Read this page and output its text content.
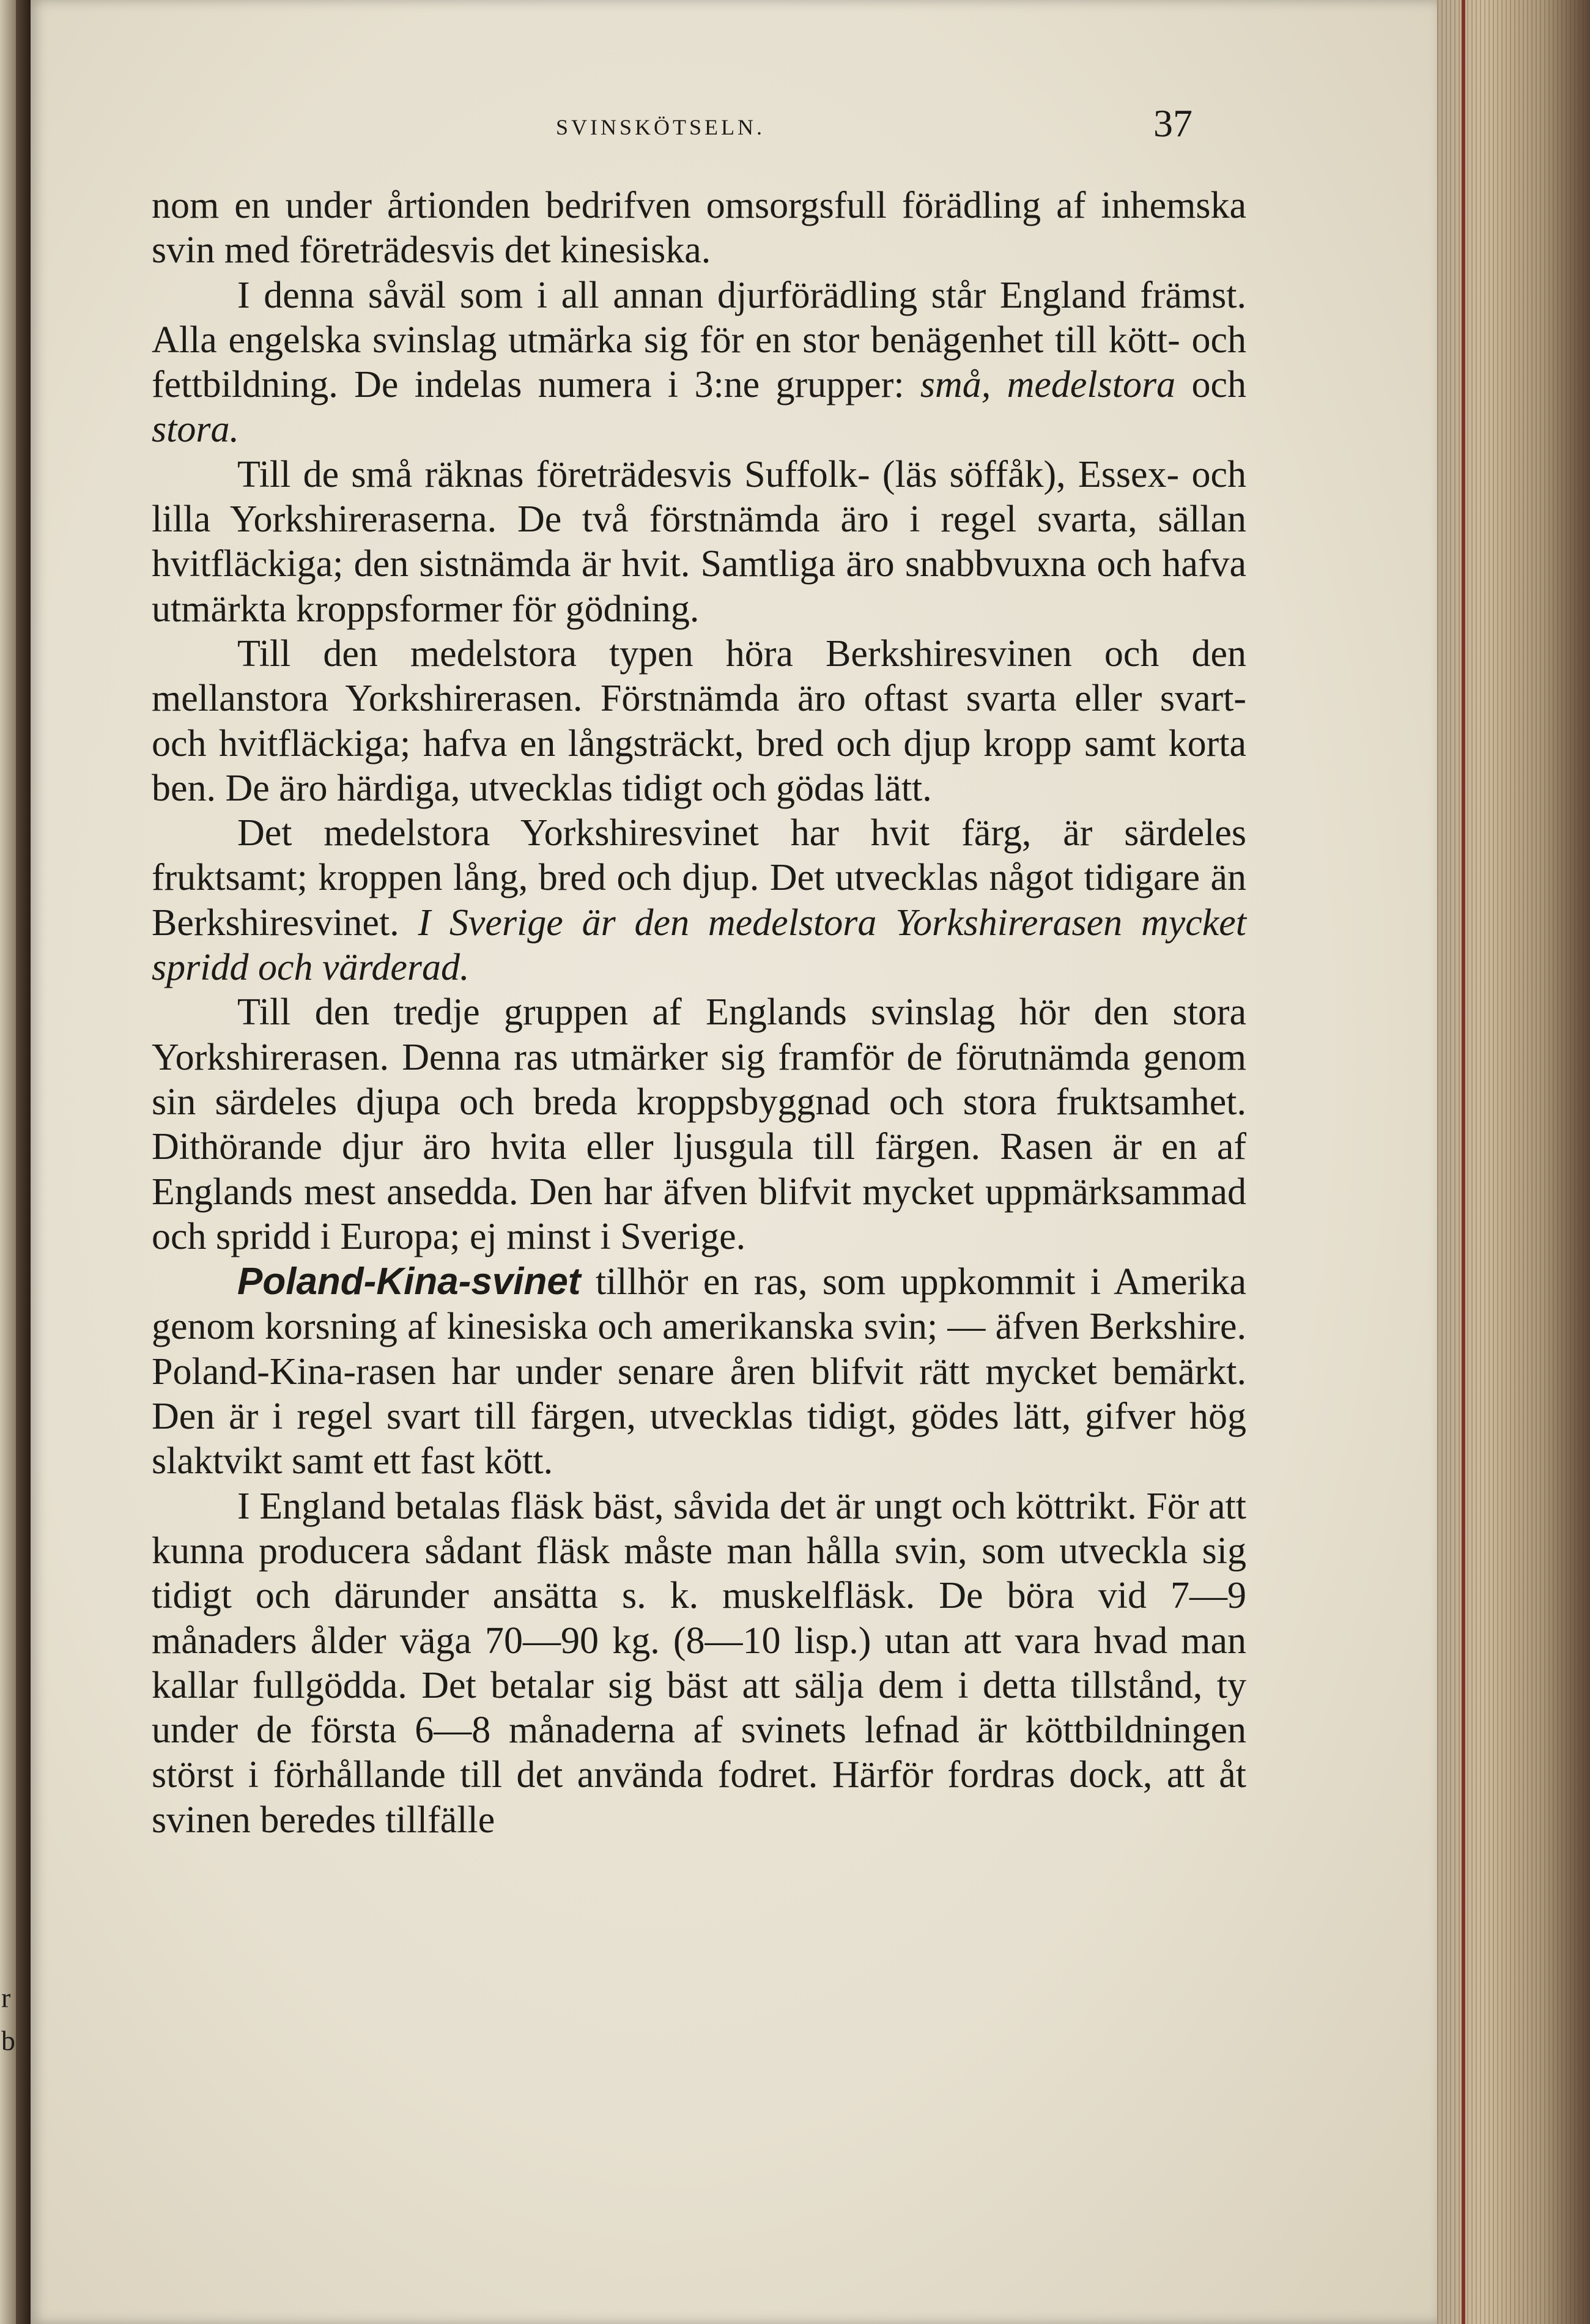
r
b
SVINSKÖTSELN.	37

nom en under årtionden bedrifven omsorgsfull förädling af inhemska svin med företrädesvis det kinesiska.

I denna såväl som i all annan djurförädling står England främst. Alla engelska svinslag utmärka sig för en stor benägenhet till kött- och fettbildning. De indelas numera i 3:ne grupper: små, medelstora och stora.

Till de små räknas företrädesvis Suffolk- (läs söffåk), Essex- och lilla Yorkshireraserna. De två förstnämda äro i regel svarta, sällan hvitfläckiga; den sistnämda är hvit. Samtliga äro snabbvuxna och hafva utmärkta kroppsformer för gödning.

Till den medelstora typen höra Berkshiresvinen och den mellanstora Yorkshirerasen. Förstnämda äro oftast svarta eller svart- och hvitfläckiga; hafva en långsträckt, bred och djup kropp samt korta ben. De äro härdiga, utvecklas tidigt och gödas lätt.

Det medelstora Yorkshiresvinet har hvit färg, är särdeles fruktsamt; kroppen lång, bred och djup. Det utvecklas något tidigare än Berkshiresvinet. I Sverige är den medelstora Yorkshirerasen mycket spridd och värderad.

Till den tredje gruppen af Englands svinslag hör den stora Yorkshirerasen. Denna ras utmärker sig framför de förutnämda genom sin särdeles djupa och breda kroppsbyggnad och stora fruktsamhet. Dithörande djur äro hvita eller ljusgula till färgen. Rasen är en af Englands mest ansedda. Den har äfven blifvit mycket uppmärksammad och spridd i Europa; ej minst i Sverige.

Poland-Kina-svinet tillhör en ras, som uppkommit i Amerika genom korsning af kinesiska och amerikanska svin; — äfven Berkshire. Poland-Kina-rasen har under senare åren blifvit rätt mycket bemärkt. Den är i regel svart till färgen, utvecklas tidigt, gödes lätt, gifver hög slaktvikt samt ett fast kött.

I England betalas fläsk bäst, såvida det är ungt och köttrikt. För att kunna producera sådant fläsk måste man hålla svin, som utveckla sig tidigt och därunder ansätta s. k. muskelfläsk. De böra vid 7—9 månaders ålder väga 70—90 kg. (8—10 lisp.) utan att vara hvad man kallar fullgödda. Det betalar sig bäst att sälja dem i detta tillstånd, ty under de första 6—8 månaderna af svinets lefnad är köttbildningen störst i förhållande till det använda fodret. Härför fordras dock, att åt svinen beredes tillfälle
